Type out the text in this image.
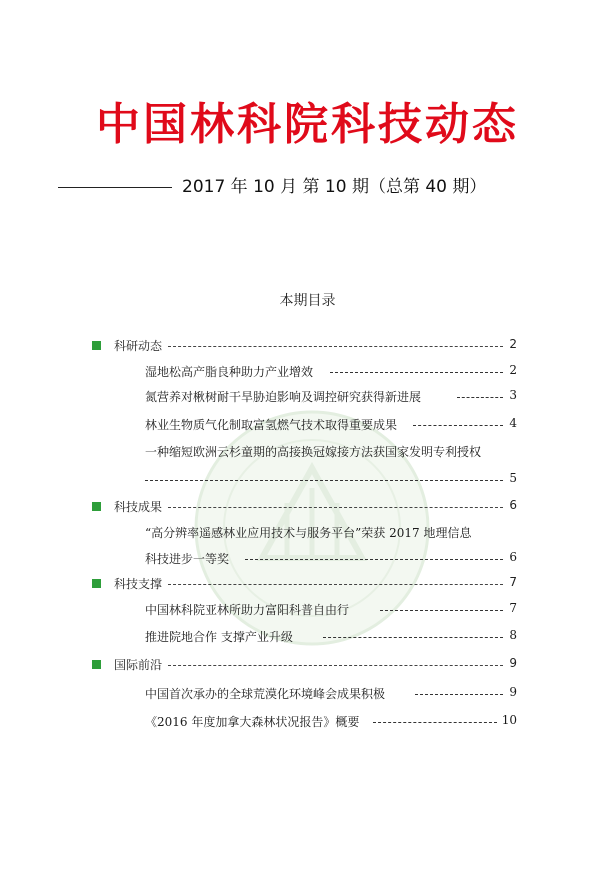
中国林科院科技动态
2017 年 10 月 第 10 期（总第 40 期）
本期目录
科研动态	2
湿地松高产脂良种助力产业增效	2
氮营养对楸树耐干旱胁迫影响及调控研究获得新进展	3
林业生物质气化制取富氢燃气技术取得重要成果	4
一种缩短欧洲云杉童期的高接换冠嫁接方法获国家发明专利授权
5
科技成果	6
“高分辨率遥感林业应用技术与服务平台”荣获 2017 地理信息
科技进步一等奖	6
科技支撑	7
中国林科院亚林所助力富阳科普自由行	7
推进院地合作 支撑产业升级	8
国际前沿	9
中国首次承办的全球荒漠化环境峰会成果积极	9
《2016 年度加拿大森林状况报告》概要	10
